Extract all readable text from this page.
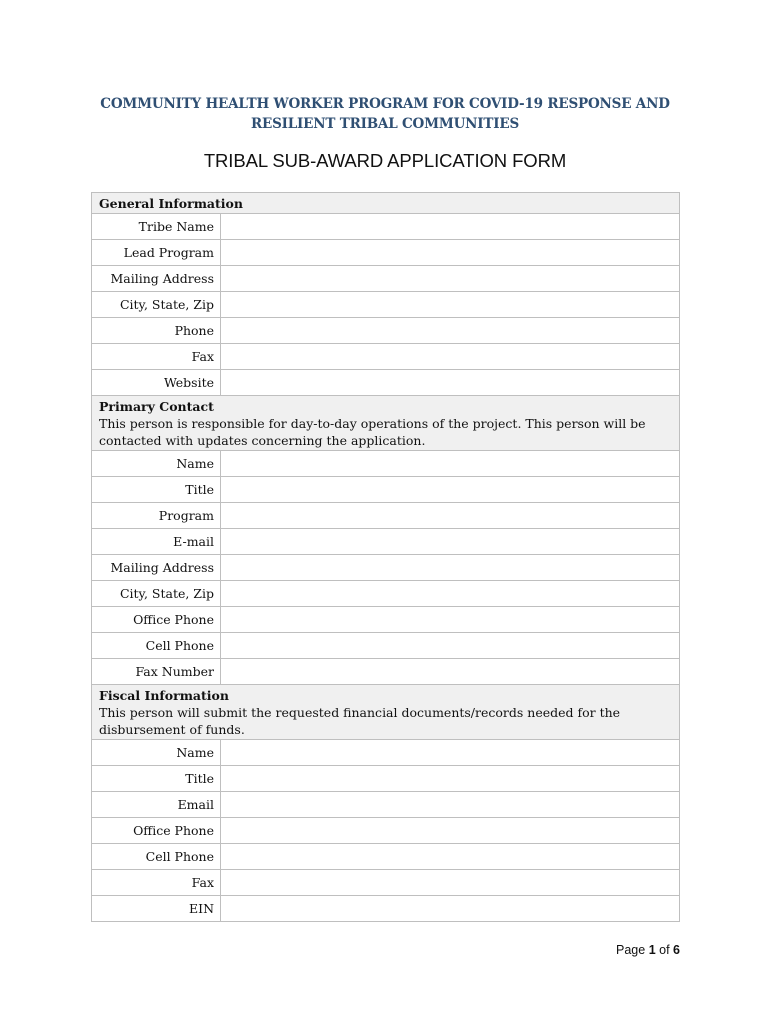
COMMUNITY HEALTH WORKER PROGRAM FOR COVID-19 RESPONSE AND
RESILIENT TRIBAL COMMUNITIES
TRIBAL SUB-AWARD APPLICATION FORM
General Information	
Tribe Name	
Lead Program	
Mailing Address	
City, State, Zip	
Phone	
Fax	
Website	

Primary Contact
This person is responsible for day-to-day operations of the project. This person will be contacted with updates concerning the application.	

Name	
Title	
Program	
E-mail	
Mailing Address	
City, State, Zip	
Office Phone	
Cell Phone	
Fax Number	

Fiscal Information
This person will submit the requested financial documents/records needed for the disbursement of funds.	

Name	
Title	
Email	
Office Phone	
Cell Phone	
Fax	
EIN	
Page 1 of 6
